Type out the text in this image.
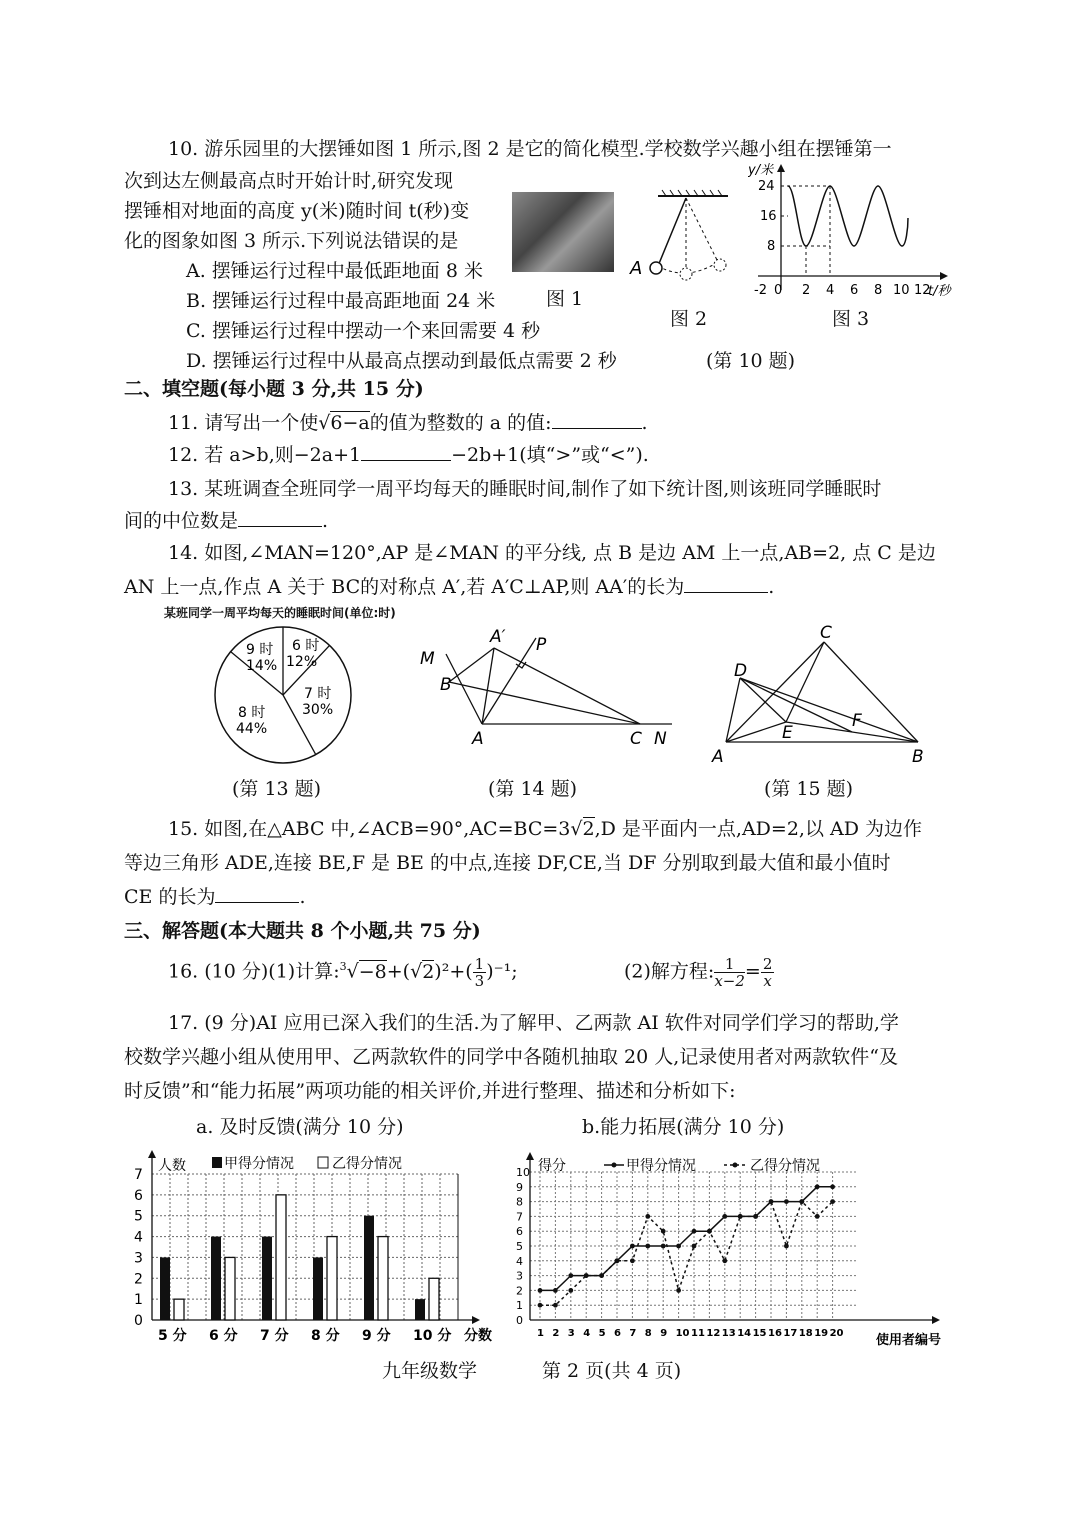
10. 游乐园里的大摆锤如图 1 所示,图 2 是它的简化模型.学校数学兴趣小组在摆锤第一
次到达左侧最高点时开始计时,研究发现
摆锤相对地面的高度 y(米)随时间 t(秒)变
化的图象如图 3 所示.下列说法错误的是
A. 摆锤运行过程中最低距地面 8 米
B. 摆锤运行过程中最高距地面 24 米
C. 摆锤运行过程中摆动一个来回需要 4 秒
D. 摆锤运行过程中从最高点摆动到最低点需要 2 秒
图 1
A
图 2
y/米
24
16
8
-2 0 2 4 6 8 10 12
t/秒
图 3
(第 10 题)
二、填空题(每小题 3 分,共 15 分)
11. 请写出一个使√6−a的值为整数的 a 的值:	.
12. 若 a>b,则−2a+1	−2b+1(填“>”或“<”).
13. 某班调查全班同学一周平均每天的睡眠时间,制作了如下统计图,则该班同学睡眠时
间的中位数是	.
14. 如图,∠MAN=120°,AP 是∠MAN 的平分线, 点 B 是边 AM 上一点,AB=2, 点 C 是边
AN 上一点,作点 A 关于 BC的对称点 A′,若 A′C⊥AP,则 AA′的长为	.
某班同学一周平均每天的睡眠时间(单位:时)
6 时
12%
7 时
30%
8 时
44%
9 时
14%
(第 13 题)
M
A′ P
B
A	C N
(第 14 题)
C
D
E
F
A	B
(第 15 题)
15. 如图,在△ABC 中,∠ACB=90°,AC=BC=3√2,D 是平面内一点,AD=2,以 AD 为边作
等边三角形 ADE,连接 BE,F 是 BE 的中点,连接 DF,CE,当 DF 分别取到最大值和最小值时
CE 的长为	.
三、解答题(本大题共 8 个小题,共 75 分)
16. (10 分)(1)计算:$^3$√−8+(√2)²+( $\frac{1}{3} )^{-1}$;	(2)解方程: $\frac{1}{x-2} = \frac{2}{x}$
17. (9 分)AI 应用已深入我们的生活.为了解甲、乙两款 AI 软件对同学们学习的帮助,学
校数学兴趣小组从使用甲、乙两款软件的同学中各随机抽取 20 人,记录使用者对两款软件“及
时反馈”和“能力拓展”两项功能的相关评价,并进行整理、描述和分析如下:
a. 及时反馈(满分 10 分)	b.能力拓展(满分 10 分)
0
1
2
3
4
5
6
7
人数
分数
甲得分情况	乙得分情况
5 分 6 分 7 分 8 分 9 分 10 分
0
1
2
3
4
5
6
7
8
9
10
1 2 3 4 5 6 7 8 9 10 11 12 13 14 15 16 17 18 19 20
得分
使用者编号
甲得分情况	乙得分情况
九年级数学	第 2 页(共 4 页)
